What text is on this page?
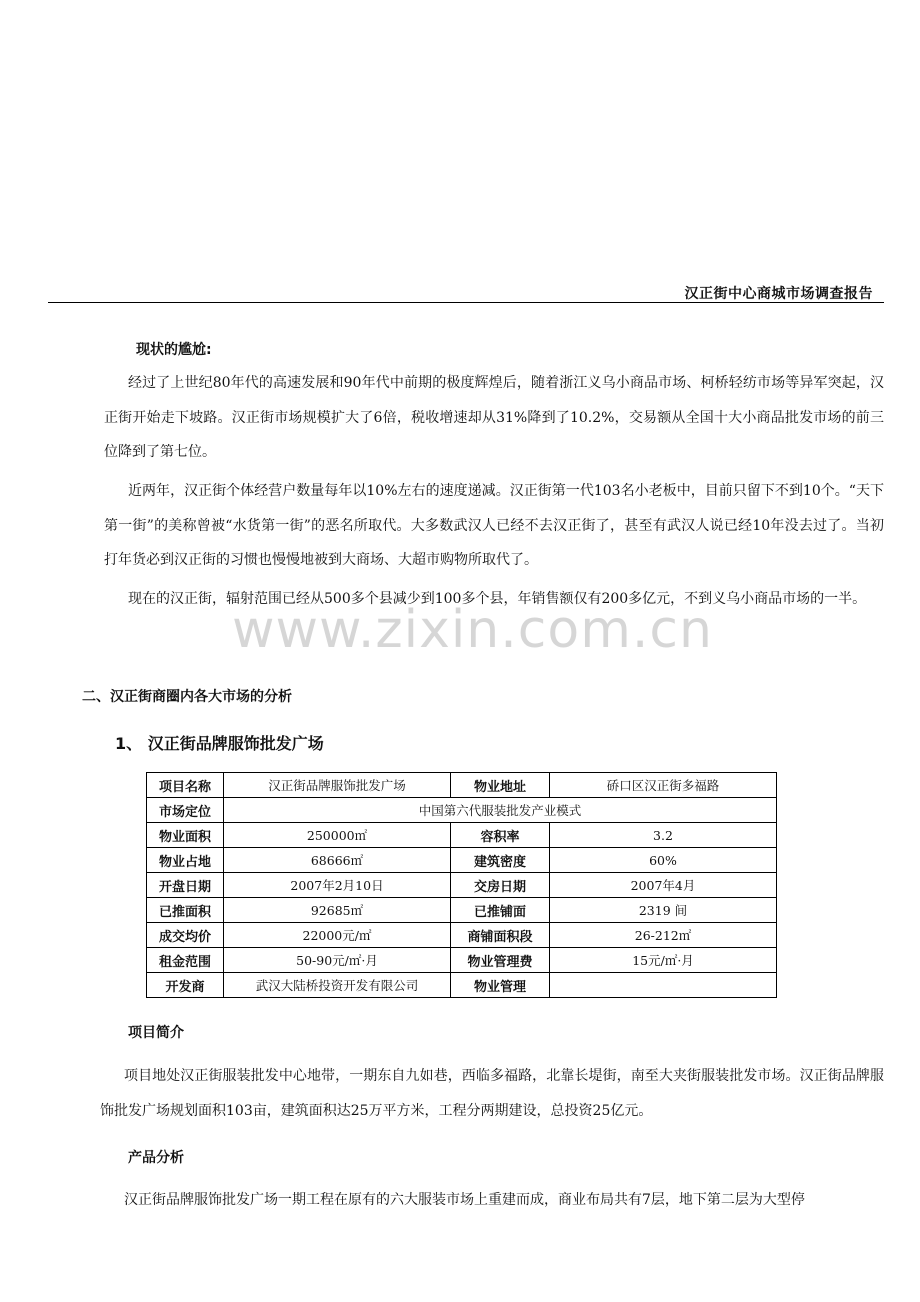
汉正街中心商城市场调查报告
现状的尴尬:

经过了上世纪80年代的高速发展和90年代中前期的极度辉煌后，随着浙江义乌小商品市场、柯桥轻纺市场等异军突起，汉正街开始走下坡路。汉正街市场规模扩大了6倍，税收增速却从31%降到了10.2%，交易额从全国十大小商品批发市场的前三位降到了第七位。

近两年，汉正街个体经营户数量每年以10%左右的速度递减。汉正街第一代103名小老板中，目前只留下不到10个。“天下第一街”的美称曾被“水货第一街”的恶名所取代。大多数武汉人已经不去汉正街了，甚至有武汉人说已经10年没去过了。当初打年货必到汉正街的习惯也慢慢地被到大商场、大超市购物所取代了。

现在的汉正街，辐射范围已经从500多个县减少到100多个县，年销售额仅有200多亿元，不到义乌小商品市场的一半。

www.zixin.com.cn
二、汉正街商圈内各大市场的分析
1、 汉正街品牌服饰批发广场
项目名称	汉正街品牌服饰批发广场	物业地址	硚口区汉正街多福路
市场定位	中国第六代服装批发产业模式		
物业面积	250000㎡	容积率	3.2
物业占地	68666㎡	建筑密度	60%
开盘日期	2007年2月10日	交房日期	2007年4月
已推面积	92685㎡	已推铺面	2319 间
成交均价	22000元/㎡	商铺面积段	26-212㎡
租金范围	50-90元/㎡·月	物业管理费	15元/㎡·月
开发商	武汉大陆桥投资开发有限公司	物业管理	
项目简介

项目地处汉正街服装批发中心地带，一期东自九如巷，西临多福路，北靠长堤街，南至大夹街服装批发市场。汉正街品牌服饰批发广场规划面积103亩，建筑面积达25万平方米，工程分两期建设，总投资25亿元。

产品分析

汉正街品牌服饰批发广场一期工程在原有的六大服装市场上重建而成，商业布局共有7层，地下第二层为大型停
